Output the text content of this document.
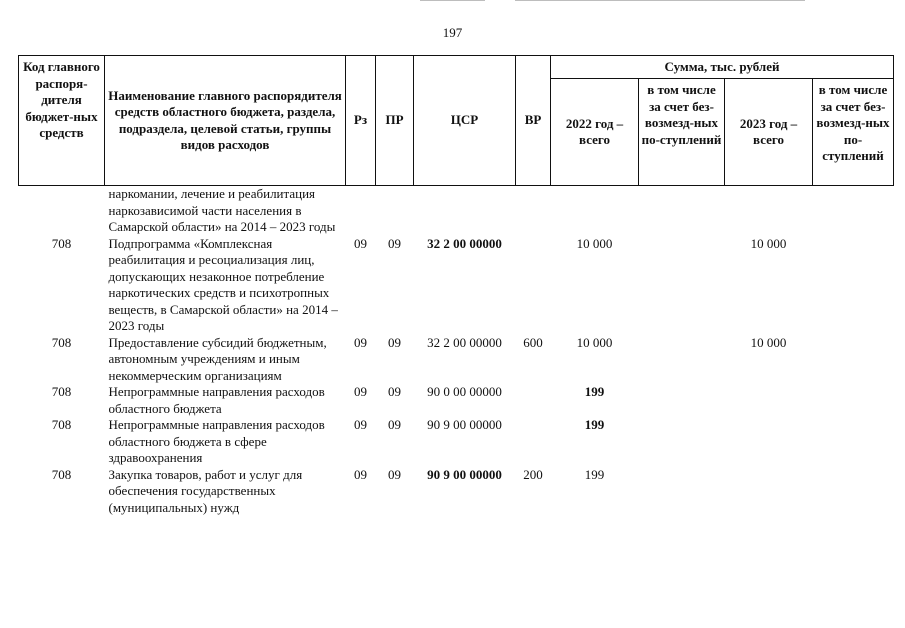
197
Код главного распоря-дителя бюджет-ных средств	Наименование главного распорядителя средств областного бюджета, раздела, подраздела, целевой статьи, группы видов расходов	Рз	ПР	ЦСР	ВР	Сумма, тыс. рублей			
						2022 год – всего	в том числе за счет без-возмезд-ных по-ступлений	2023 год – всего	в том числе за счет без-возмезд-ных по-ступлений
	наркомании, лечение и реабилитация наркозависимой части населения в Самарской области» на 2014 – 2023 годы								
708	Подпрограмма «Комплексная реабилитация и ресоциализация лиц, допускающих незаконное потребление наркотических средств и психотропных веществ, в Самарской области» на 2014 – 2023 годы	09	09	32 2 00 00000		10 000		10 000	
708	Предоставление субсидий бюджетным, автономным учреждениям и иным некоммерческим организациям	09	09	32 2 00 00000	600	10 000		10 000	
708	Непрограммные направления расходов областного бюджета	09	09	90 0 00 00000		199			
708	Непрограммные направления расходов областного бюджета в сфере здравоохранения	09	09	90 9 00 00000		199			
708	Закупка товаров, работ и услуг для обеспечения государственных (муниципальных) нужд	09	09	90 9 00 00000	200	199			
